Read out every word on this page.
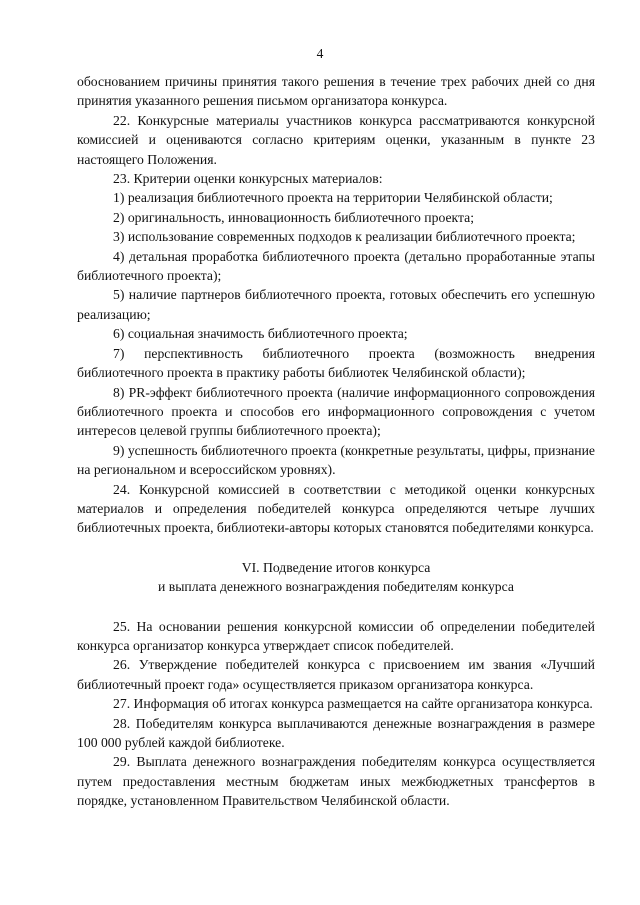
4

обоснованием причины принятия такого решения в течение трех рабочих дней со дня принятия указанного решения письмом организатора конкурса.

22. Конкурсные материалы участников конкурса рассматриваются конкурсной комиссией и оцениваются согласно критериям оценки, указанным в пункте 23 настоящего Положения.

23. Критерии оценки конкурсных материалов:

1) реализация библиотечного проекта на территории Челябинской области;

2) оригинальность, инновационность библиотечного проекта;

3) использование современных подходов к реализации библиотечного проекта;

4) детальная проработка библиотечного проекта (детально проработанные этапы библиотечного проекта);

5) наличие партнеров библиотечного проекта, готовых обеспечить его успешную реализацию;

6) социальная значимость библиотечного проекта;

7) перспективность библиотечного проекта (возможность внедрения библиотечного проекта в практику работы библиотек Челябинской области);

8) PR-эффект библиотечного проекта (наличие информационного сопровождения библиотечного проекта и способов его информационного сопровождения с учетом интересов целевой группы библиотечного проекта);

9) успешность библиотечного проекта (конкретные результаты, цифры, признание на региональном и всероссийском уровнях).

24. Конкурсной комиссией в соответствии с методикой оценки конкурсных материалов и определения победителей конкурса определяются четыре лучших библиотечных проекта, библиотеки-авторы которых становятся победителями конкурса.

VI. Подведение итогов конкурса
и выплата денежного вознаграждения победителям конкурса

25. На основании решения конкурсной комиссии об определении победителей конкурса организатор конкурса утверждает список победителей.

26. Утверждение победителей конкурса с присвоением им звания «Лучший библиотечный проект года» осуществляется приказом организатора конкурса.

27. Информация об итогах конкурса размещается на сайте организатора конкурса.

28. Победителям конкурса выплачиваются денежные вознаграждения в размере 100 000 рублей каждой библиотеке.

29. Выплата денежного вознаграждения победителям конкурса осуществляется путем предоставления местным бюджетам иных межбюджетных трансфертов в порядке, установленном Правительством Челябинской области.
